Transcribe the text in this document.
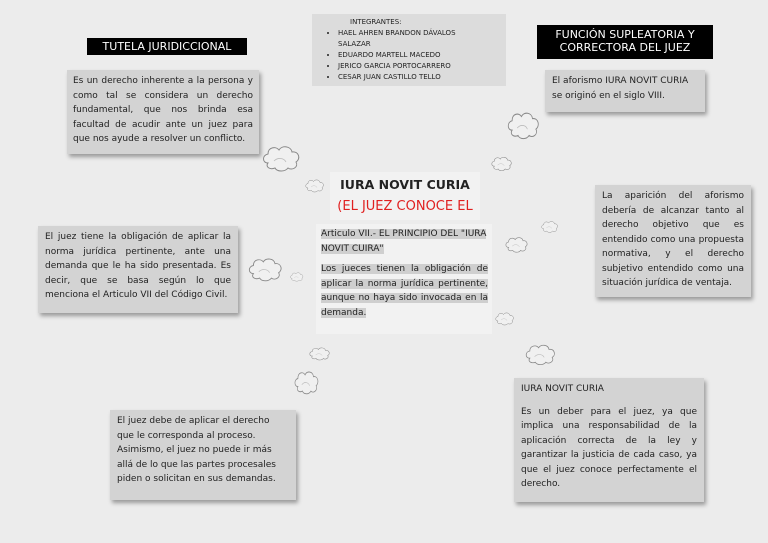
INTEGRANTES:
• HAEL AHREN BRANDON DÁVALOS SALAZAR
• EDUARDO MARTELL MACEDO
• JERICO GARCIA PORTOCARRERO
• CESAR JUAN CASTILLO TELLO
TUTELA JURIDICCIONAL

Es un derecho inherente a la persona y como tal se considera un derecho fundamental, que nos brinda esa facultad de acudir ante un juez para que nos ayude a resolver un conflicto.

FUNCIÓN SUPLEATORIA Y CORRECTORA DEL JUEZ

El aforismo IURA NOVIT CURIA se originó en el siglo VIII.

IURA NOVIT CURIA
(EL JUEZ CONOCE EL

Articulo VII.- EL PRINCIPIO DEL "IURA NOVIT CUIRA"

Los jueces tienen la obligación de aplicar la norma jurídica pertinente, aunque no haya sido invocada en la demanda.

El juez tiene la obligación de aplicar la norma jurídica pertinente, ante una demanda que le ha sido presentada. Es decir, que se basa según lo que menciona el Articulo VII del Código Civil.

La aparición del aforismo debería de alcanzar tanto al derecho objetivo que es entendido como una propuesta normativa, y el derecho subjetivo entendido como una situación jurídica de ventaja.

El juez debe de aplicar el derecho que le corresponda al proceso. Asimismo, el juez no puede ir más allá de lo que las partes procesales piden o solicitan en sus demandas.

IURA NOVIT CURIA

Es un deber para el juez, ya que implica una responsabilidad de la aplicación correcta de la ley y garantizar la justicia de cada caso, ya que el juez conoce perfectamente el derecho.
